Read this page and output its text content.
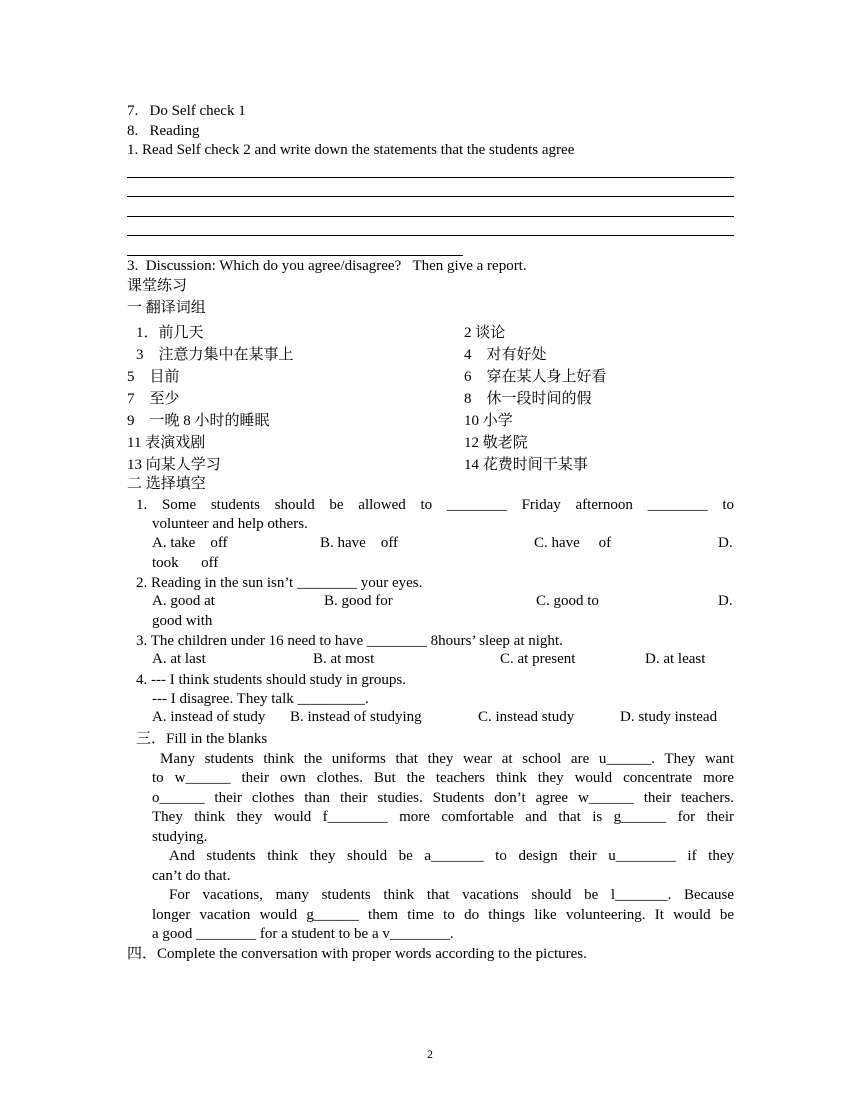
7.   Do Self check 1
8.   Reading
1. Read Self check 2 and write down the statements that the students agree
3.  Discussion: Which do you agree/disagree?   Then give a report.
课堂练习
一 翻译词组
1．前几天	2 谈论
3　注意力集中在某事上	4　对有好处
5　目前	6　穿在某人身上好看
7　至少	8　休一段时间的假
9　一晚 8 小时的睡眠	10 小学
11 表演戏剧	12 敬老院
13 向某人学习	14 花费时间干某事
二 选择填空
1. Some students should be allowed to ________ Friday afternoon ________ to
volunteer and help others.
A. take    off	B. have    off	C. have     of	D.
took      off
2. Reading in the sun isn’t ________ your eyes.
A. good at	B. good for	C. good to	D.
good with
3. The children under 16 need to have ________ 8hours’ sleep at night.
A. at last	B. at most	C. at present	D. at least
4. --- I think students should study in groups.
--- I disagree. They talk _________.
A. instead of study B. instead of studying	C. instead study	D. study instead
三．Fill in the blanks
Many students think the uniforms that they wear at school are u______. They want
to w______ their own clothes. But the teachers think they would concentrate more
o______ their clothes than their studies. Students don’t agree w______ their teachers.
They think they would f________ more comfortable and that is g______ for their
studying.
And students think they should be a_______ to design their u________ if they
can’t do that.
For vacations, many students think that vacations should be l_______. Because
longer vacation would g______ them time to do things like volunteering. It would be
a good ________ for a student to be a v________.
四．Complete the conversation with proper words according to the pictures.
2
